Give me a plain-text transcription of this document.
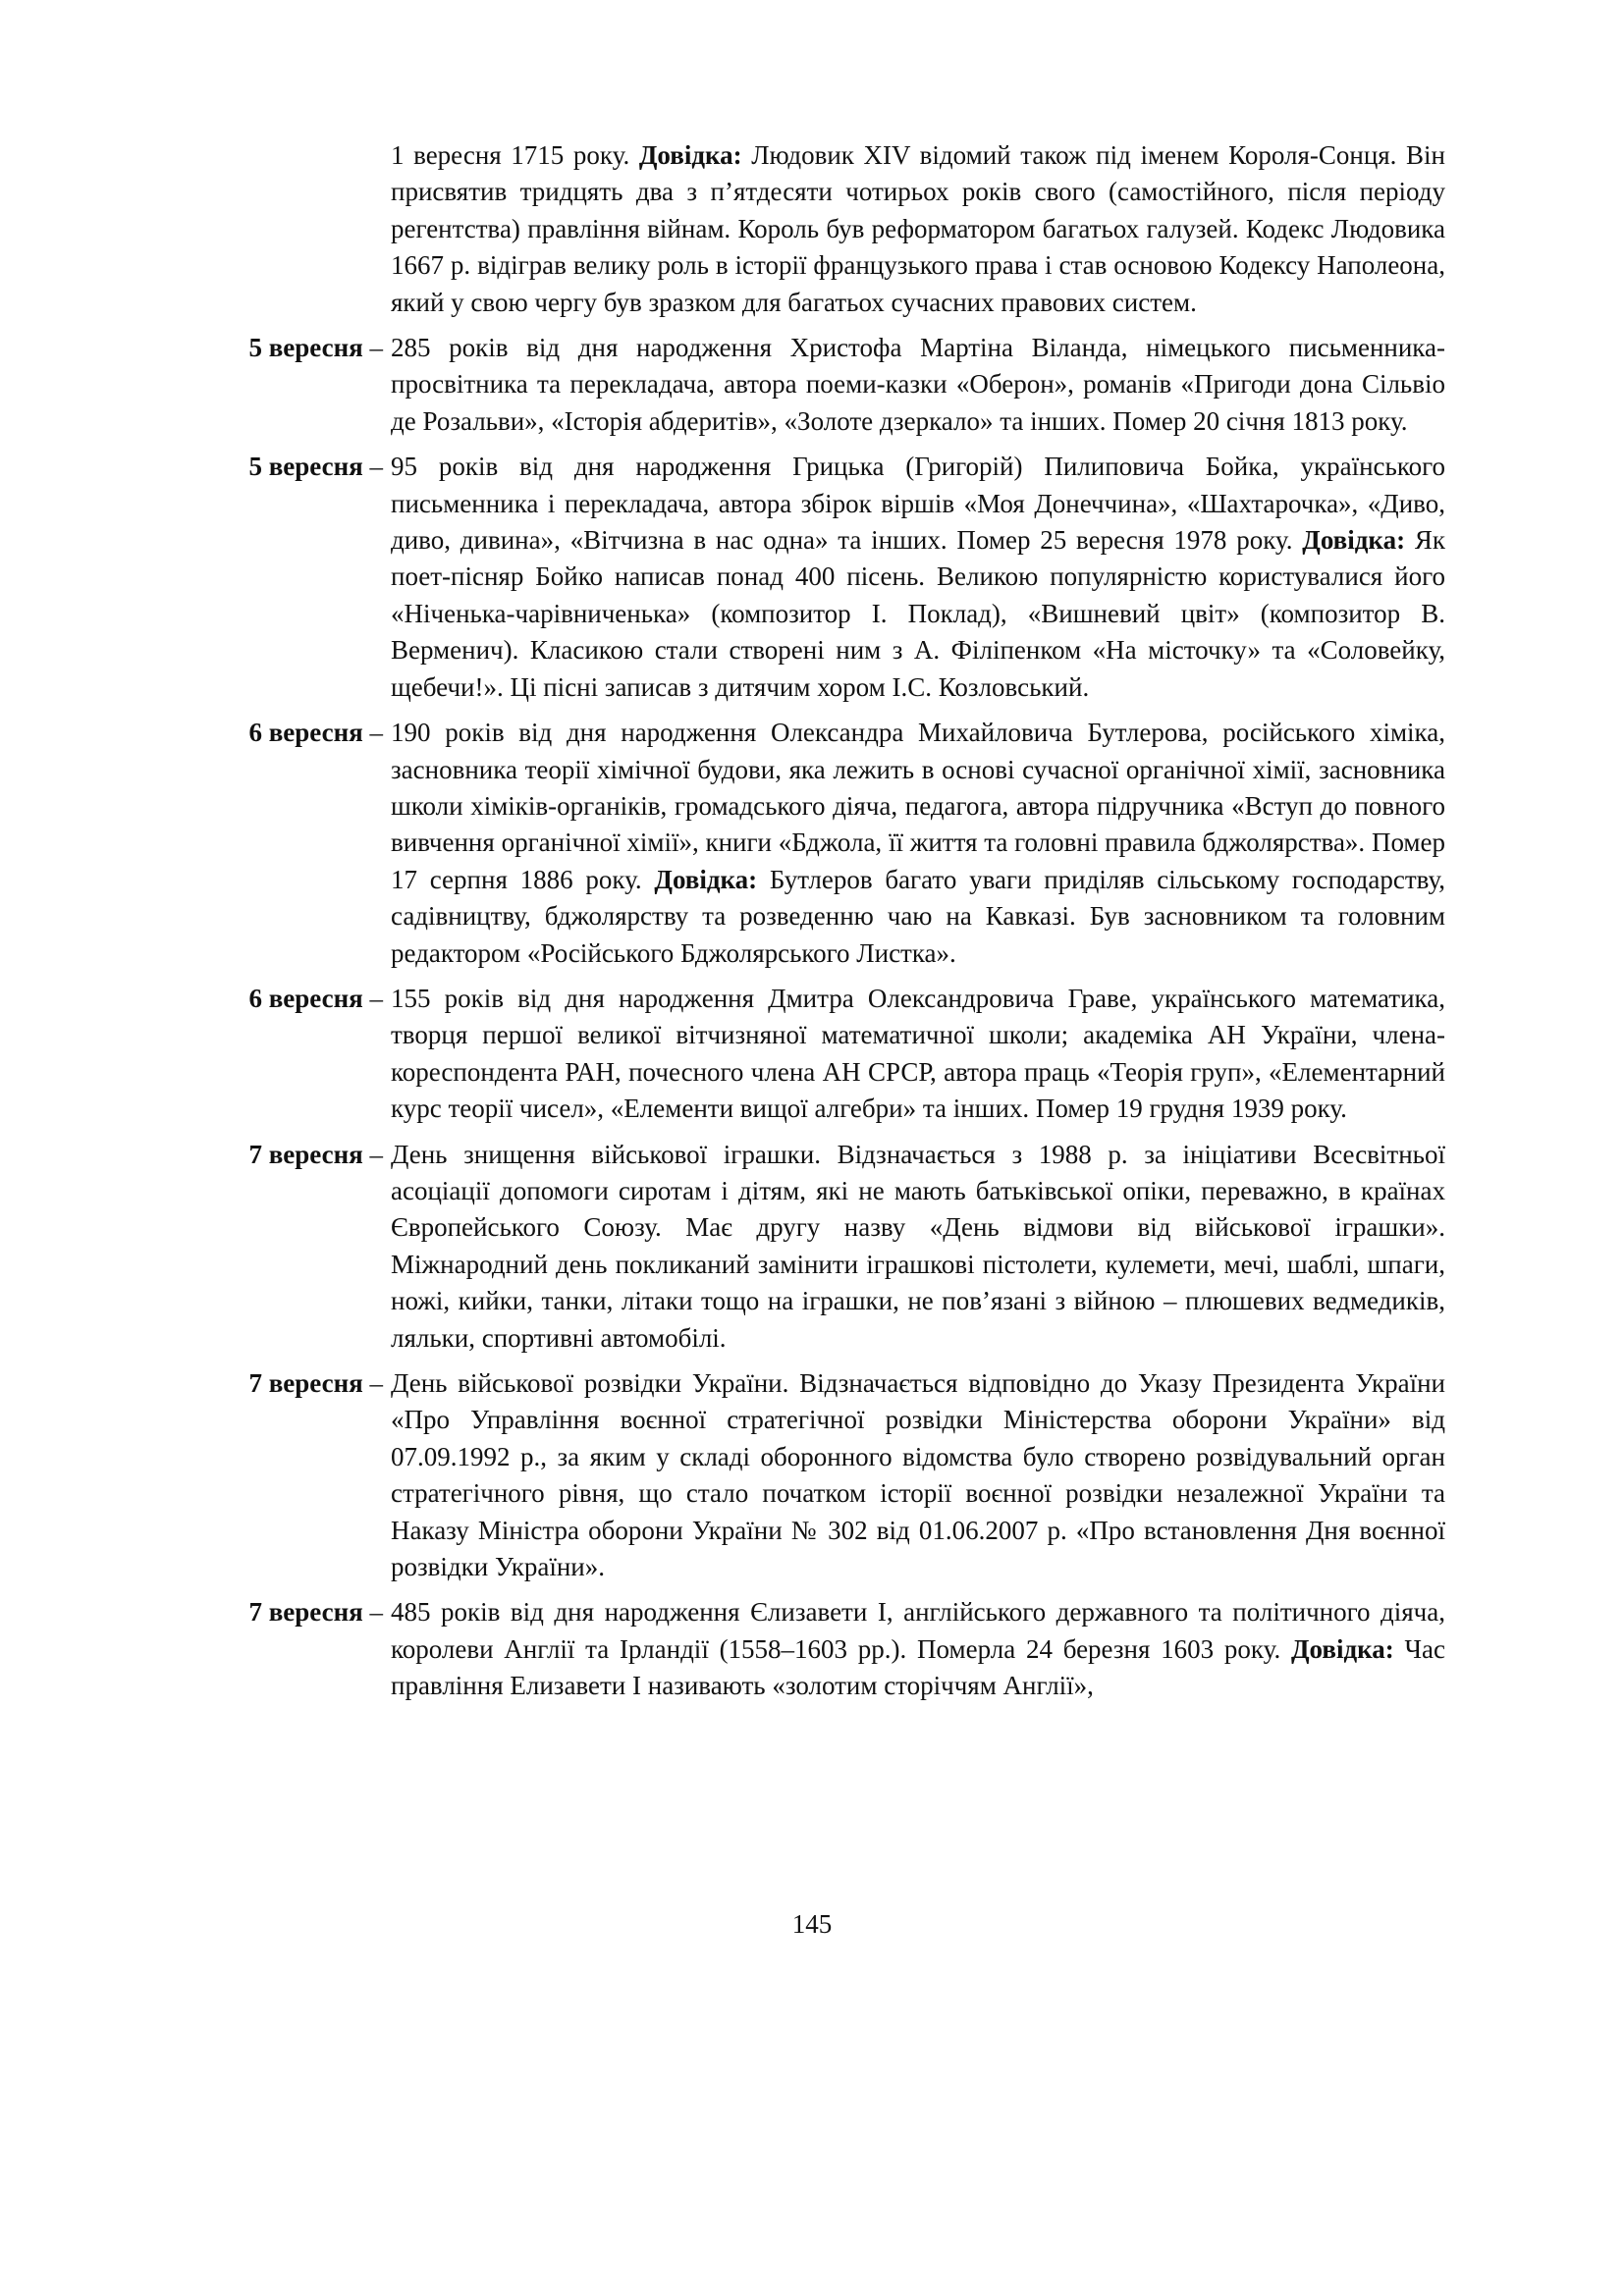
1 вересня 1715 року. Довідка: Людовик XIV відомий також під іменем Короля-Сонця. Він присвятив тридцять два з п’ятдесяти чотирьох років свого (самостійного, після періоду регентства) правління війнам. Король був реформатором багатьох галузей. Кодекс Людовика 1667 р. відіграв велику роль в історії французького права і став основою Кодексу Наполеона, який у свою чергу був зразком для багатьох сучасних правових систем.
5 вересня – 285 років від дня народження Христофа Мартіна Віланда, німецького письменника-просвітника та перекладача, автора поеми-казки «Оберон», романів «Пригоди дона Сільвіо де Розальви», «Історія абдеритів», «Золоте дзеркало» та інших. Помер 20 січня 1813 року.
5 вересня – 95 років від дня народження Грицька (Григорій) Пилиповича Бойка, українського письменника і перекладача, автора збірок віршів «Моя Донеччина», «Шахтарочка», «Диво, диво, дивина», «Вітчизна в нас одна» та інших. Помер 25 вересня 1978 року. Довідка: Як поет-пісняр Бойко написав понад 400 пісень. Великою популярністю користувалися його «Ніченька-чарівниченька» (композитор І. Поклад), «Вишневий цвіт» (композитор В. Верменич). Класикою стали створені ним з А. Філіпенком «На місточку» та «Соловейку, щебечи!». Ці пісні записав з дитячим хором І.С. Козловський.
6 вересня – 190 років від дня народження Олександра Михайловича Бутлерова, російського хіміка, засновника теорії хімічної будови, яка лежить в основі сучасної органічної хімії, засновника школи хіміків-органіків, громадського діяча, педагога, автора підручника «Вступ до повного вивчення органічної хімії», книги «Бджола, її життя та головні правила бджолярства». Помер 17 серпня 1886 року. Довідка: Бутлеров багато уваги приділяв сільському господарству, садівництву, бджолярству та розведенню чаю на Кавказі. Був засновником та головним редактором «Російського Бджолярського Листка».
6 вересня – 155 років від дня народження Дмитра Олександровича Граве, українського математика, творця першої великої вітчизняної математичної школи; академіка АН України, члена-кореспондента РАН, почесного члена АН СРСР, автора праць «Теорія груп», «Елементарний курс теорії чисел», «Елементи вищої алгебри» та інших. Помер 19 грудня 1939 року.
7 вересня – День знищення військової іграшки. Відзначається з 1988 р. за ініціативи Всесвітньої асоціації допомоги сиротам і дітям, які не мають батьківської опіки, переважно, в країнах Європейського Союзу. Має другу назву «День відмови від військової іграшки». Міжнародний день покликаний замінити іграшкові пістолети, кулемети, мечі, шаблі, шпаги, ножі, кийки, танки, літаки тощо на іграшки, не пов’язані з війною – плюшевих ведмедиків, ляльки, спортивні автомобілі.
7 вересня – День військової розвідки України. Відзначається відповідно до Указу Президента України «Про Управління воєнної стратегічної розвідки Міністерства оборони України» від 07.09.1992 р., за яким у складі оборонного відомства було створено розвідувальний орган стратегічного рівня, що стало початком історії воєнної розвідки незалежної України та Наказу Міністра оборони України № 302 від 01.06.2007 р. «Про встановлення Дня воєнної розвідки України».
7 вересня – 485 років від дня народження Єлизавети І, англійського державного та політичного діяча, королеви Англії та Ірландії (1558–1603 рр.). Померла 24 березня 1603 року. Довідка: Час правління Елизавети І називають «золотим сторіччям Англії»,
145
